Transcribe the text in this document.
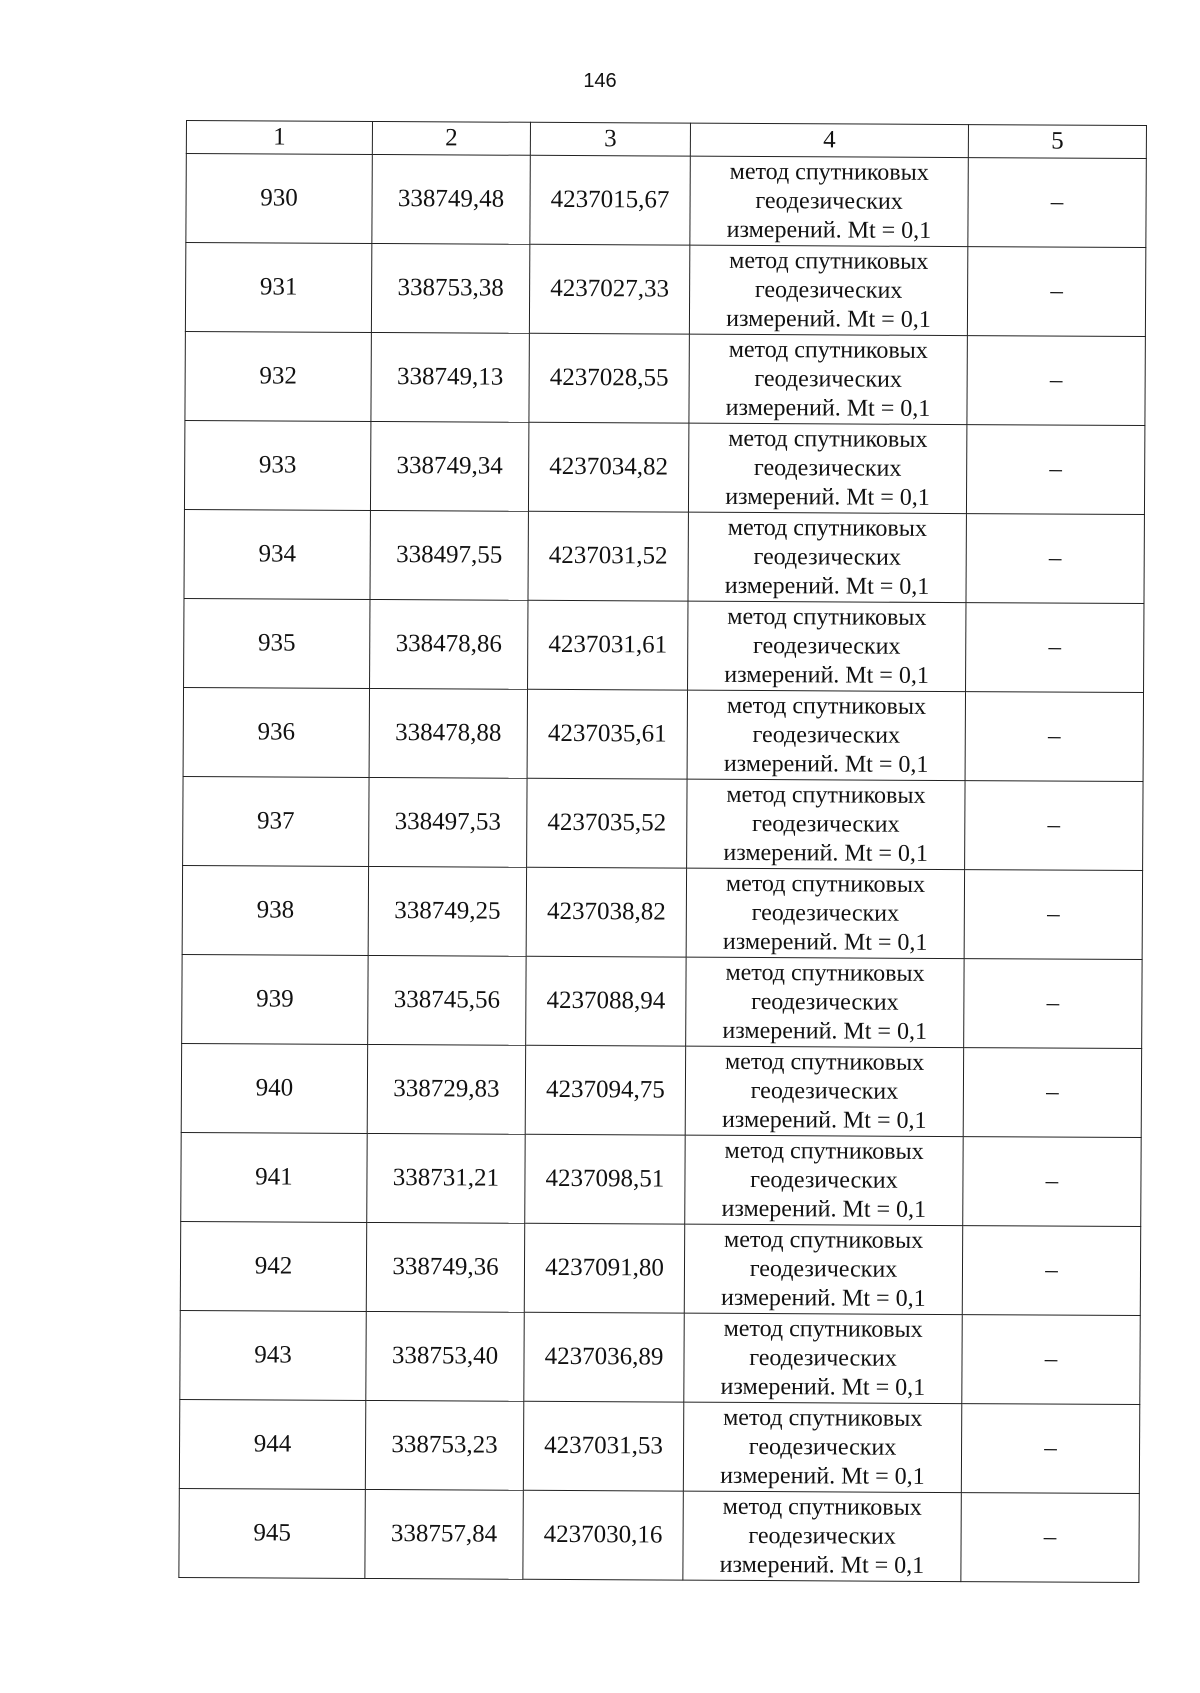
146
1	2	3	4	5
930	338749,48	4237015,67	метод спутниковых
геодезических
измерений. Mt = 0,1	–
931	338753,38	4237027,33	метод спутниковых
геодезических
измерений. Mt = 0,1	–
932	338749,13	4237028,55	метод спутниковых
геодезических
измерений. Mt = 0,1	–
933	338749,34	4237034,82	метод спутниковых
геодезических
измерений. Mt = 0,1	–
934	338497,55	4237031,52	метод спутниковых
геодезических
измерений. Mt = 0,1	–
935	338478,86	4237031,61	метод спутниковых
геодезических
измерений. Mt = 0,1	–
936	338478,88	4237035,61	метод спутниковых
геодезических
измерений. Mt = 0,1	–
937	338497,53	4237035,52	метод спутниковых
геодезических
измерений. Mt = 0,1	–
938	338749,25	4237038,82	метод спутниковых
геодезических
измерений. Mt = 0,1	–
939	338745,56	4237088,94	метод спутниковых
геодезических
измерений. Mt = 0,1	–
940	338729,83	4237094,75	метод спутниковых
геодезических
измерений. Mt = 0,1	–
941	338731,21	4237098,51	метод спутниковых
геодезических
измерений. Mt = 0,1	–
942	338749,36	4237091,80	метод спутниковых
геодезических
измерений. Mt = 0,1	–
943	338753,40	4237036,89	метод спутниковых
геодезических
измерений. Mt = 0,1	–
944	338753,23	4237031,53	метод спутниковых
геодезических
измерений. Mt = 0,1	–
945	338757,84	4237030,16	метод спутниковых
геодезических
измерений. Mt = 0,1	–
